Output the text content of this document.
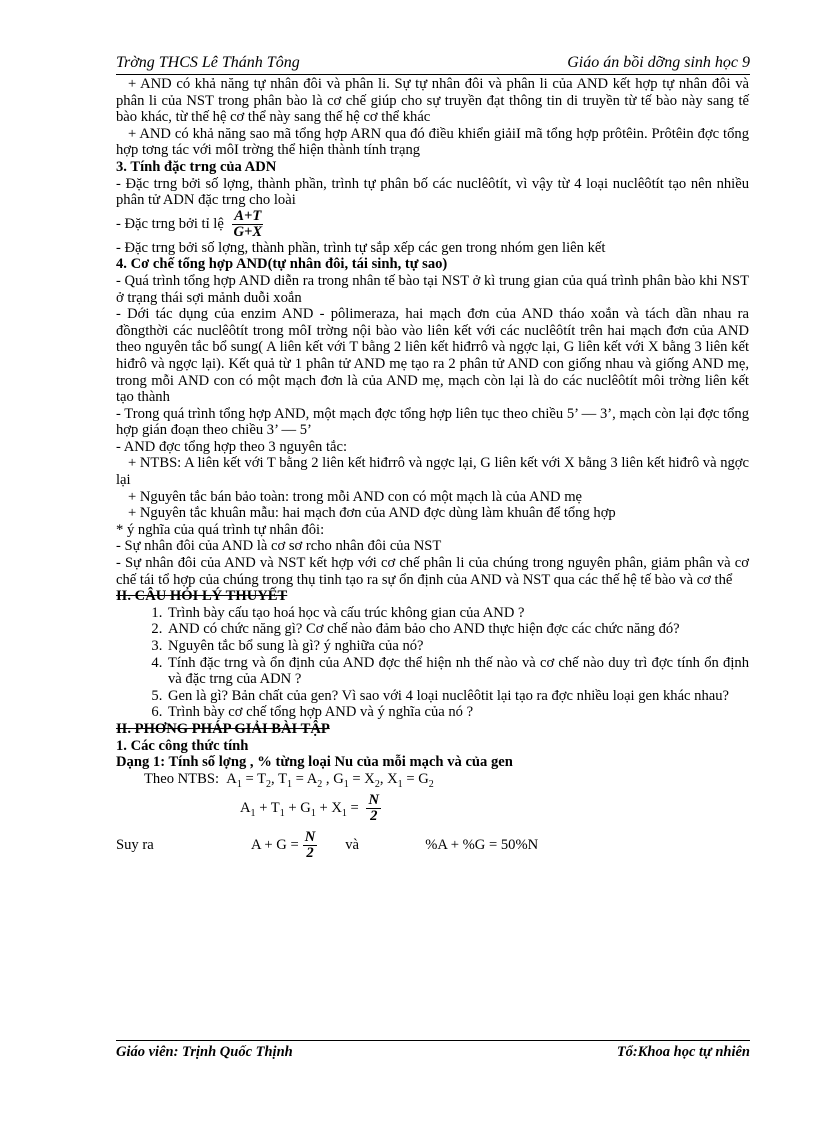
Trờng THCS Lê Thánh Tông	Giáo án bồi dỡng sinh học 9

+ AND có khả năng tự nhân đôi và phân li. Sự tự nhân đôi và phân li của AND kết hợp tự nhân đôi và phân li của NST trong phân bào là cơ chế giúp cho sự truyền đạt thông tin di truyền từ tế bào này sang tế bào khác, từ thế hệ cơ thể này sang thế hệ cơ thể khác

+ AND có khả năng sao mã tổng hợp ARN qua đó điều khiển giảiI mã tổng hợp prôtêin. Prôtêin đợc tổng hợp tơng tác với môI trờng thể hiện thành tính trạng

3. Tính đặc trng của ADN

- Đặc trng bởi số lợng, thành phần, trình tự phân bố các nuclêôtít, vì vậy từ 4 loại nuclêôtít tạo nên nhiều phân tử ADN đặc trng cho loài

- Đặc trng bởi tỉ lệ $\frac{A+T}{G+X}$

- Đặc trng bởi số lợng, thành phần, trình tự sắp xếp các gen trong nhóm gen liên kết

4. Cơ chế tổng hợp AND(tự nhân đôi, tái sinh, tự sao)

- Quá trình tổng hợp AND diễn ra trong nhân tế bào tại NST ở kì trung gian của quá trình phân bào khi NST ở trạng thái sợi mảnh duỗi xoắn

- Dới tác dụng của enzim AND - pôlimeraza, hai mạch đơn của AND tháo xoắn và tách dần nhau ra đồngthời các nuclêôtít trong môI trờng nội bào vào liên kết với các nuclêôtít trên hai mạch đơn của AND theo nguyên tắc bổ sung( A liên kết với T bằng 2 liên kết hiđrrô và ngợc lại, G liên kết với X bằng 3 liên kết hiđrô và ngợc lại). Kết quả từ 1 phân tử AND mẹ tạo ra 2 phân tử AND con giống nhau và giống AND mẹ, trong mỗi AND con có một mạch đơn là của AND mẹ, mạch còn lại là do các nuclêôtít môi trờng liên kết tạo thành

- Trong quá trình tổng hợp AND, một mạch đợc tổng hợp liên tục theo chiều 5’ — 3’, mạch còn lại đợc tổng hợp gián đoạn theo chiều 3’ — 5’

- AND đợc tổng hợp theo 3 nguyên tắc:

+ NTBS: A liên kết với T bằng 2 liên kết hiđrrô và ngợc lại, G liên kết với X bằng 3 liên kết hiđrô và ngợc lại

+ Nguyên tắc bán bảo toàn: trong mỗi AND con có một mạch là của AND mẹ

+ Nguyên tắc khuân mẫu: hai mạch đơn của AND đợc dùng làm khuân để tổng hợp

* ý nghĩa của quá trình tự nhân đôi:

- Sự nhân đôi của AND là cơ sơ rcho nhân đôi của NST

- Sự nhân đôi của AND và NST kết hợp với cơ chế phân li của chúng trong nguyên phân, giảm phân và cơ chế tái tổ hợp của chúng trong thụ tinh tạo ra sự ổn định của AND và NST qua các thế hệ tế bào và cơ thể

II. CÂU HỎI LÝ THUYẾT

1. Trình bày cấu tạo hoá học và cấu trúc không gian của AND ?
2. AND có chức năng gì? Cơ chế nào đảm bảo cho AND thực hiện đợc các chức năng đó?
3. Nguyên tắc bổ sung là gì? ý nghiữa của nó?
4. Tính đặc trng và ổn định của AND đợc thể hiện nh thế nào và cơ chế nào duy trì đợc tính ổn định và đặc trng của ADN ?
5. Gen là gì? Bản chất của gen? Vì sao với 4 loại nuclêôtit lại tạo ra đợc nhiều loại gen khác nhau?
6. Trình bày cơ chế tổng hợp AND và ý nghĩa của nó ?

II. PHƠNG PHÁP GIẢI BÀI TẬP

1. Các công thức tính

Dạng 1: Tính số lợng , % từng loại Nu của mỗi mạch và của gen

Theo NTBS:  $A_1 = T_2$, $T_1 = A_2$ , $G_1 = X_2$, $X_1 = G_2$

$A_1 + T_1 + G_1 + X_1 = \frac{N}{2}$

Suy ra	$A + G = \frac{N}{2}$ và	%A + %G = 50%N
Giáo viên: Trịnh Quốc Thịnh	Tổ:Khoa học tự nhiên
